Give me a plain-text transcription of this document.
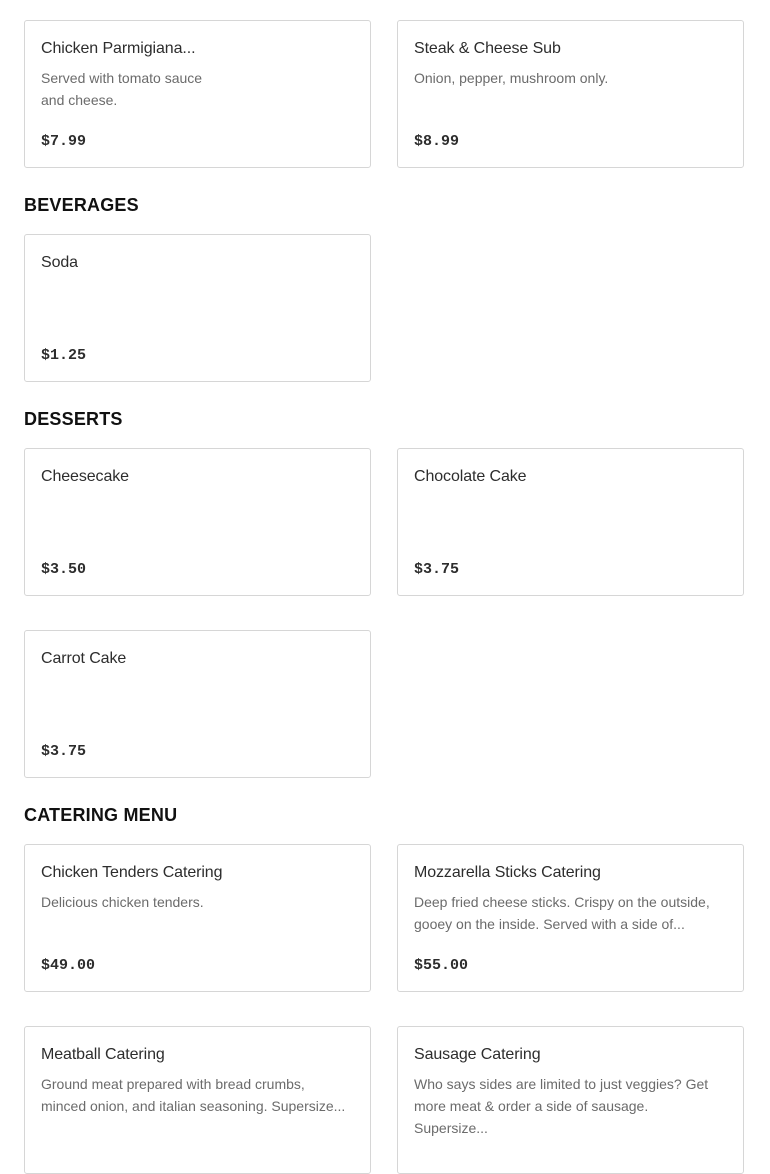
Chicken Parmigiana...
Served with tomato sauce and cheese.
$7.99
Steak & Cheese Sub
Onion, pepper, mushroom only.
$8.99
BEVERAGES
Soda
$1.25
DESSERTS
Cheesecake
$3.50
Chocolate Cake
$3.75
Carrot Cake
$3.75
CATERING MENU
Chicken Tenders Catering
Delicious chicken tenders.
$49.00
Mozzarella Sticks Catering
Deep fried cheese sticks. Crispy on the outside, gooey on the inside. Served with a side of...
$55.00
Meatball Catering
Ground meat prepared with bread crumbs, minced onion, and italian seasoning. Supersize...
Sausage Catering
Who says sides are limited to just veggies? Get more meat & order a side of sausage. Supersize...
